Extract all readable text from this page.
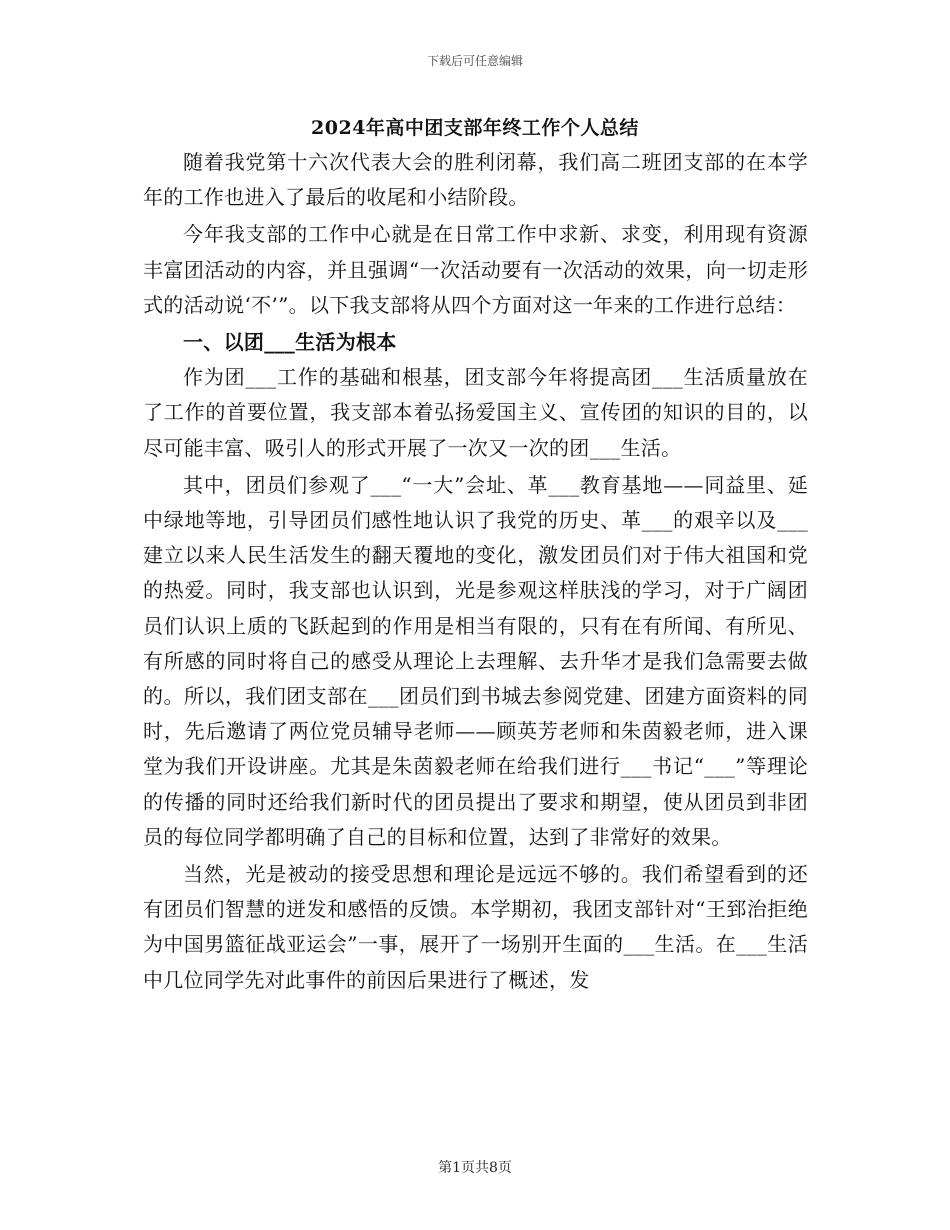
下载后可任意编辑
2024年高中团支部年终工作个人总结

随着我党第十六次代表大会的胜利闭幕，我们高二班团支部的在本学年的工作也进入了最后的收尾和小结阶段。

今年我支部的工作中心就是在日常工作中求新、求变，利用现有资源丰富团活动的内容，并且强调“一次活动要有一次活动的效果，向一切走形式的活动说‘不’”。以下我支部将从四个方面对这一年来的工作进行总结：

一、以团___生活为根本

作为团___工作的基础和根基，团支部今年将提高团___生活质量放在了工作的首要位置，我支部本着弘扬爱国主义、宣传团的知识的目的，以尽可能丰富、吸引人的形式开展了一次又一次的团___生活。

其中，团员们参观了___“一大”会址、革___教育基地——同益里、延中绿地等地，引导团员们感性地认识了我党的历史、革___的艰辛以及___建立以来人民生活发生的翻天覆地的变化，激发团员们对于伟大祖国和党的热爱。同时，我支部也认识到，光是参观这样肤浅的学习，对于广阔团员们认识上质的飞跃起到的作用是相当有限的，只有在有所闻、有所见、有所感的同时将自己的感受从理论上去理解、去升华才是我们急需要去做的。所以，我们团支部在___团员们到书城去参阅党建、团建方面资料的同时，先后邀请了两位党员辅导老师——顾英芳老师和朱茵毅老师，进入课堂为我们开设讲座。尤其是朱茵毅老师在给我们进行___书记“___”等理论的传播的同时还给我们新时代的团员提出了要求和期望，使从团员到非团员的每位同学都明确了自己的目标和位置，达到了非常好的效果。

当然，光是被动的接受思想和理论是远远不够的。我们希望看到的还有团员们智慧的迸发和感悟的反馈。本学期初，我团支部针对“王郅治拒绝为中国男篮征战亚运会”一事，展开了一场别开生面的___生活。在___生活中几位同学先对此事件的前因后果进行了概述，发

第1页共8页
